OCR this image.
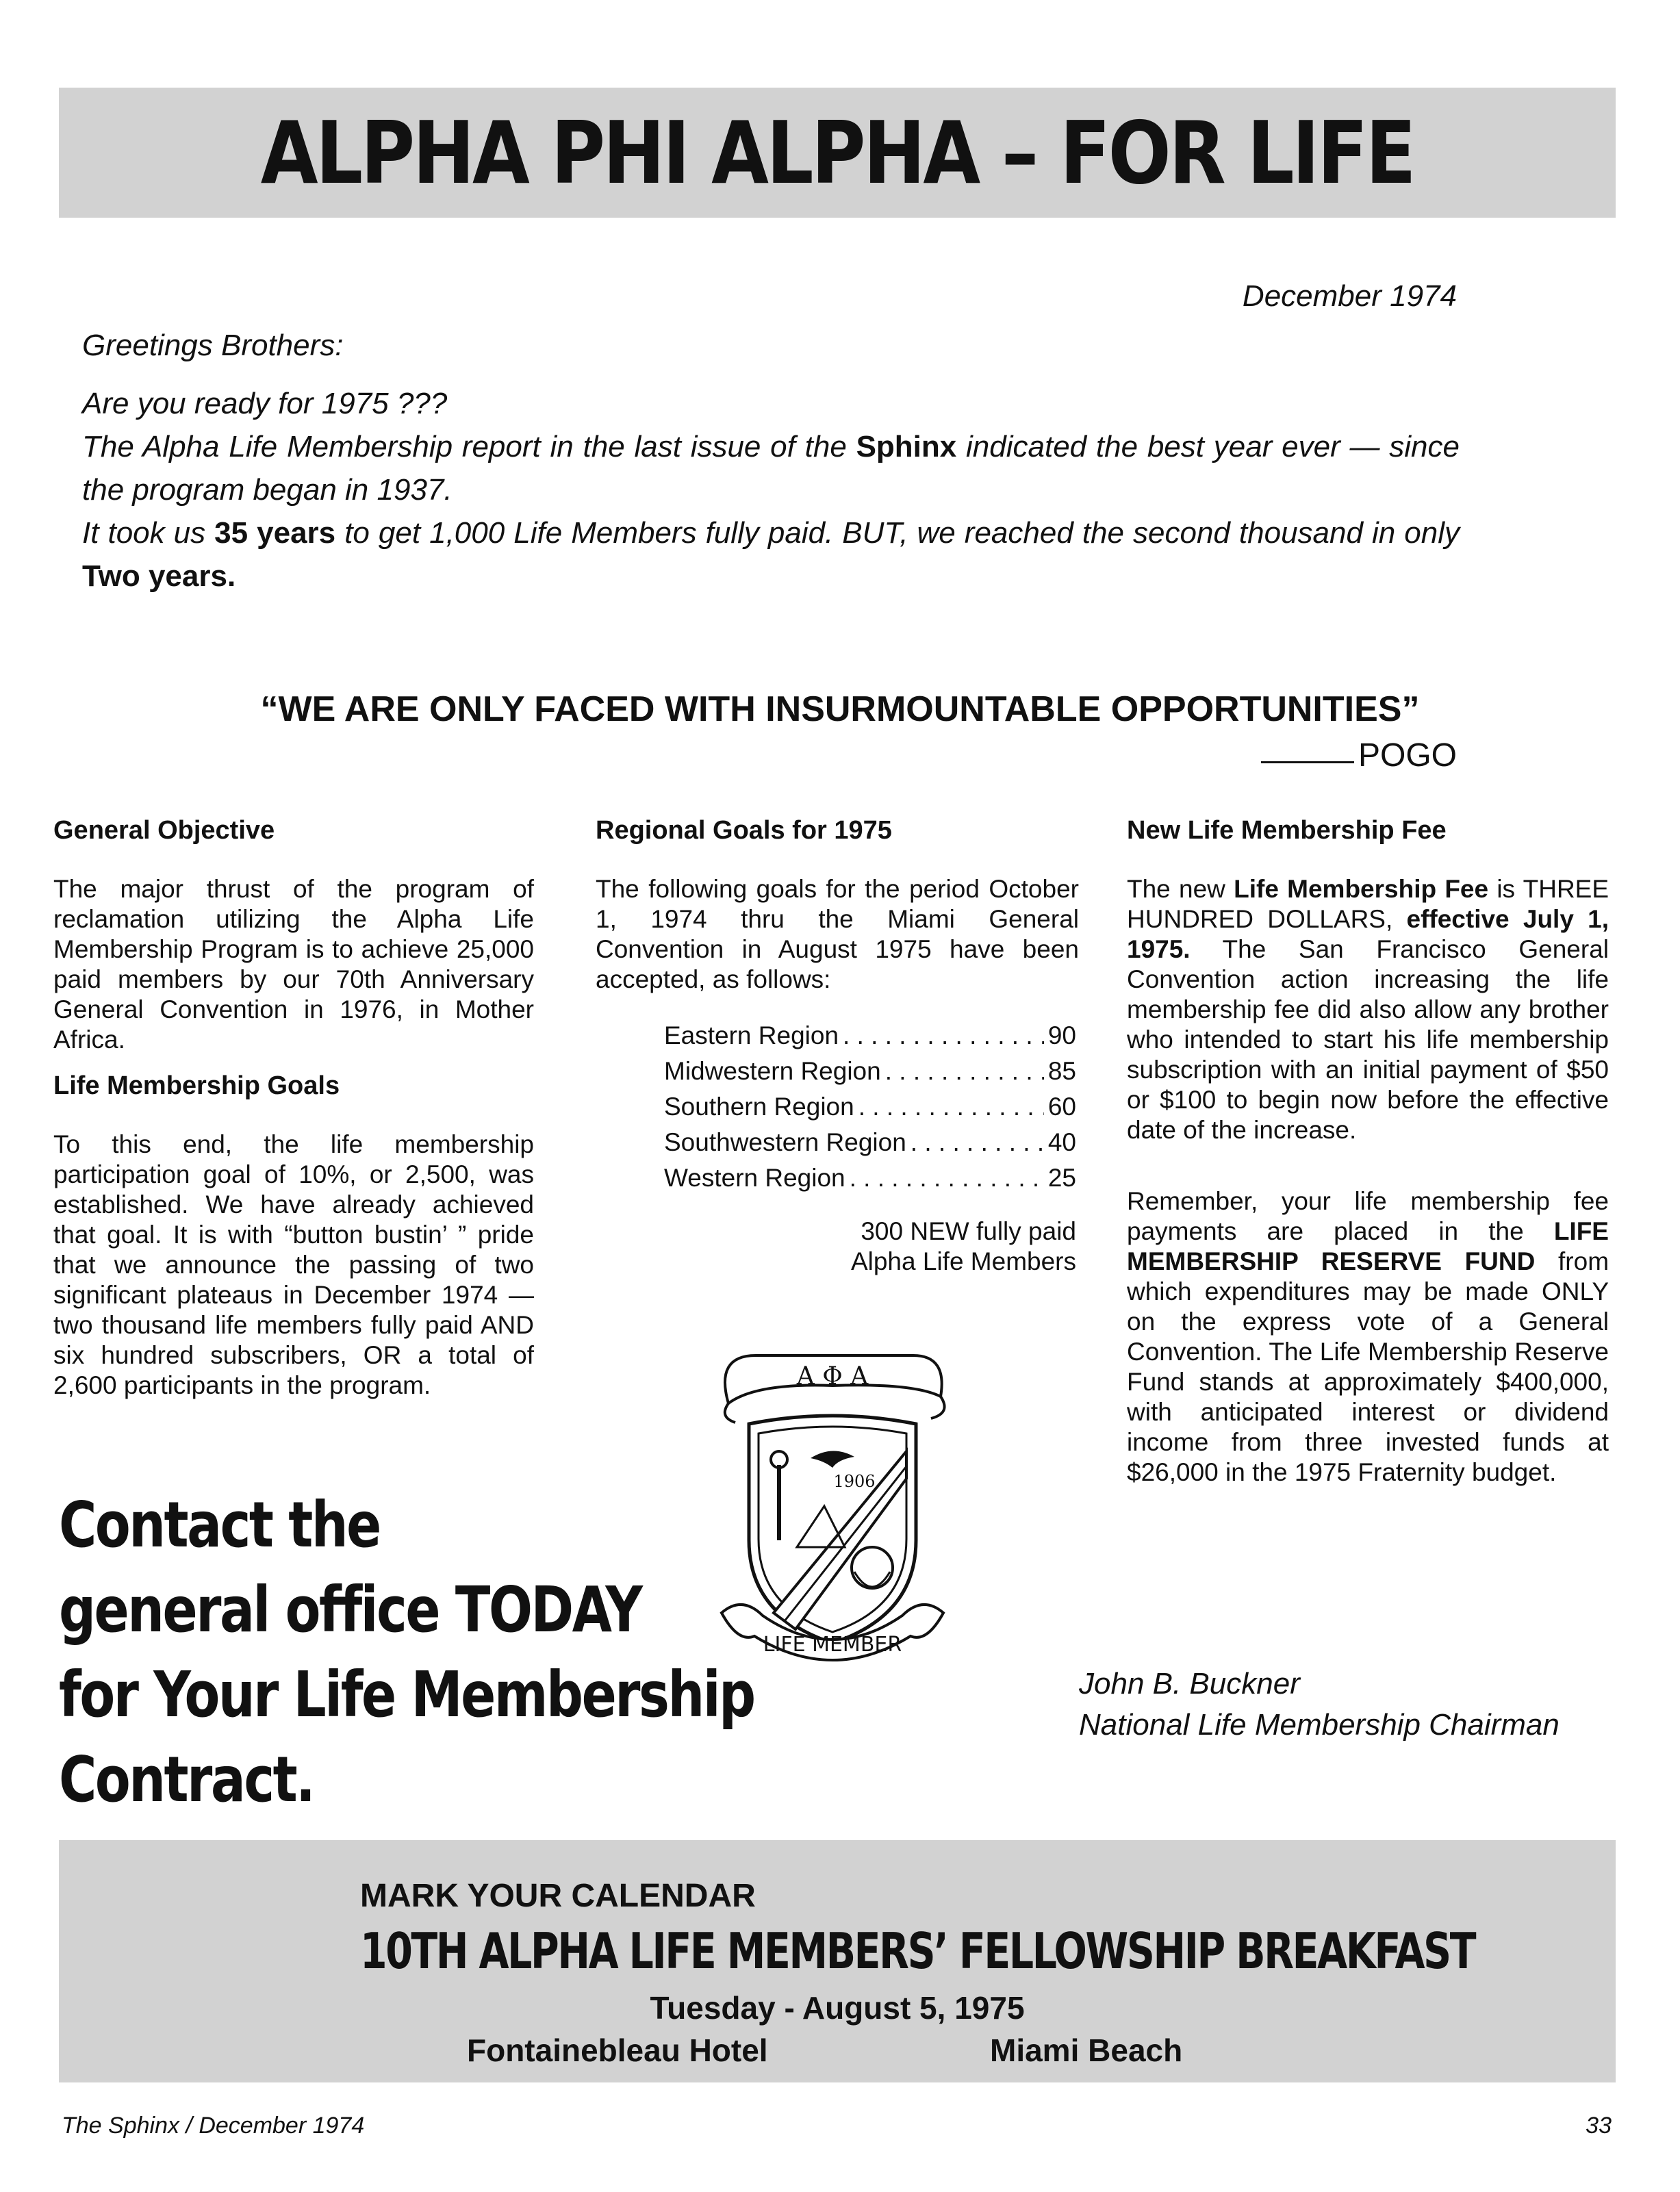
ALPHA PHI ALPHA – FOR LIFE
December 1974
Greetings Brothers:

Are you ready for 1975 ???

The Alpha Life Membership report in the last issue of the Sphinx indicated the best year ever — since the program began in 1937.

It took us 35 years to get 1,000 Life Members fully paid. BUT, we reached the second thousand in only Two years.

“WE ARE ONLY FACED WITH INSURMOUNTABLE OPPORTUNITIES”
POGO
General Objective
The major thrust of the program of reclamation utilizing the Alpha Life Membership Program is to achieve 25,000 paid members by our 70th Anniversary General Convention in 1976, in Mother Africa.
Life Membership Goals
To this end, the life membership participation goal of 10%, or 2,500, was established. We have already achieved that goal. It is with “button bustin’ ” pride that we announce the passing of two significant plateaus in December 1974 — two thousand life members fully paid AND six hundred subscribers, OR a total of 2,600 participants in the program.
Regional Goals for 1975
The following goals for the period October 1, 1974 thru the Miami General Convention in August 1975 have been accepted, as follows:
Eastern Region . . .	90
Midwestern Region . . .	85
Southern Region . . .	60
Southwestern Region . . .	40
Western Region . . .	25
300 NEW fully paid
Alpha Life Members
New Life Membership Fee
The new Life Membership Fee is THREE HUNDRED DOLLARS, effective July 1, 1975. The San Francisco General Convention action increasing the life membership fee did also allow any brother who intended to start his life membership subscription with an initial payment of $50 or $100 to begin now before the effective date of the increase.
Remember, your life membership fee payments are placed in the LIFE MEMBERSHIP RESERVE FUND from which expenditures may be made ONLY on the express vote of a General Convention. The Life Membership Reserve Fund stands at approximately $400,000, with anticipated interest or dividend income from three invested funds at $26,000 in the 1975 Fraternity budget.
Contact the
general office TODAY
for Your Life Membership
Contract.
Α Φ Α
1906
LIFE MEMBER
John B. Buckner
National Life Membership Chairman
MARK YOUR CALENDAR
10TH ALPHA LIFE MEMBERS’ FELLOWSHIP BREAKFAST
Tuesday - August 5, 1975
Fontainebleau Hotel	Miami Beach
The Sphinx / December 1974	33
